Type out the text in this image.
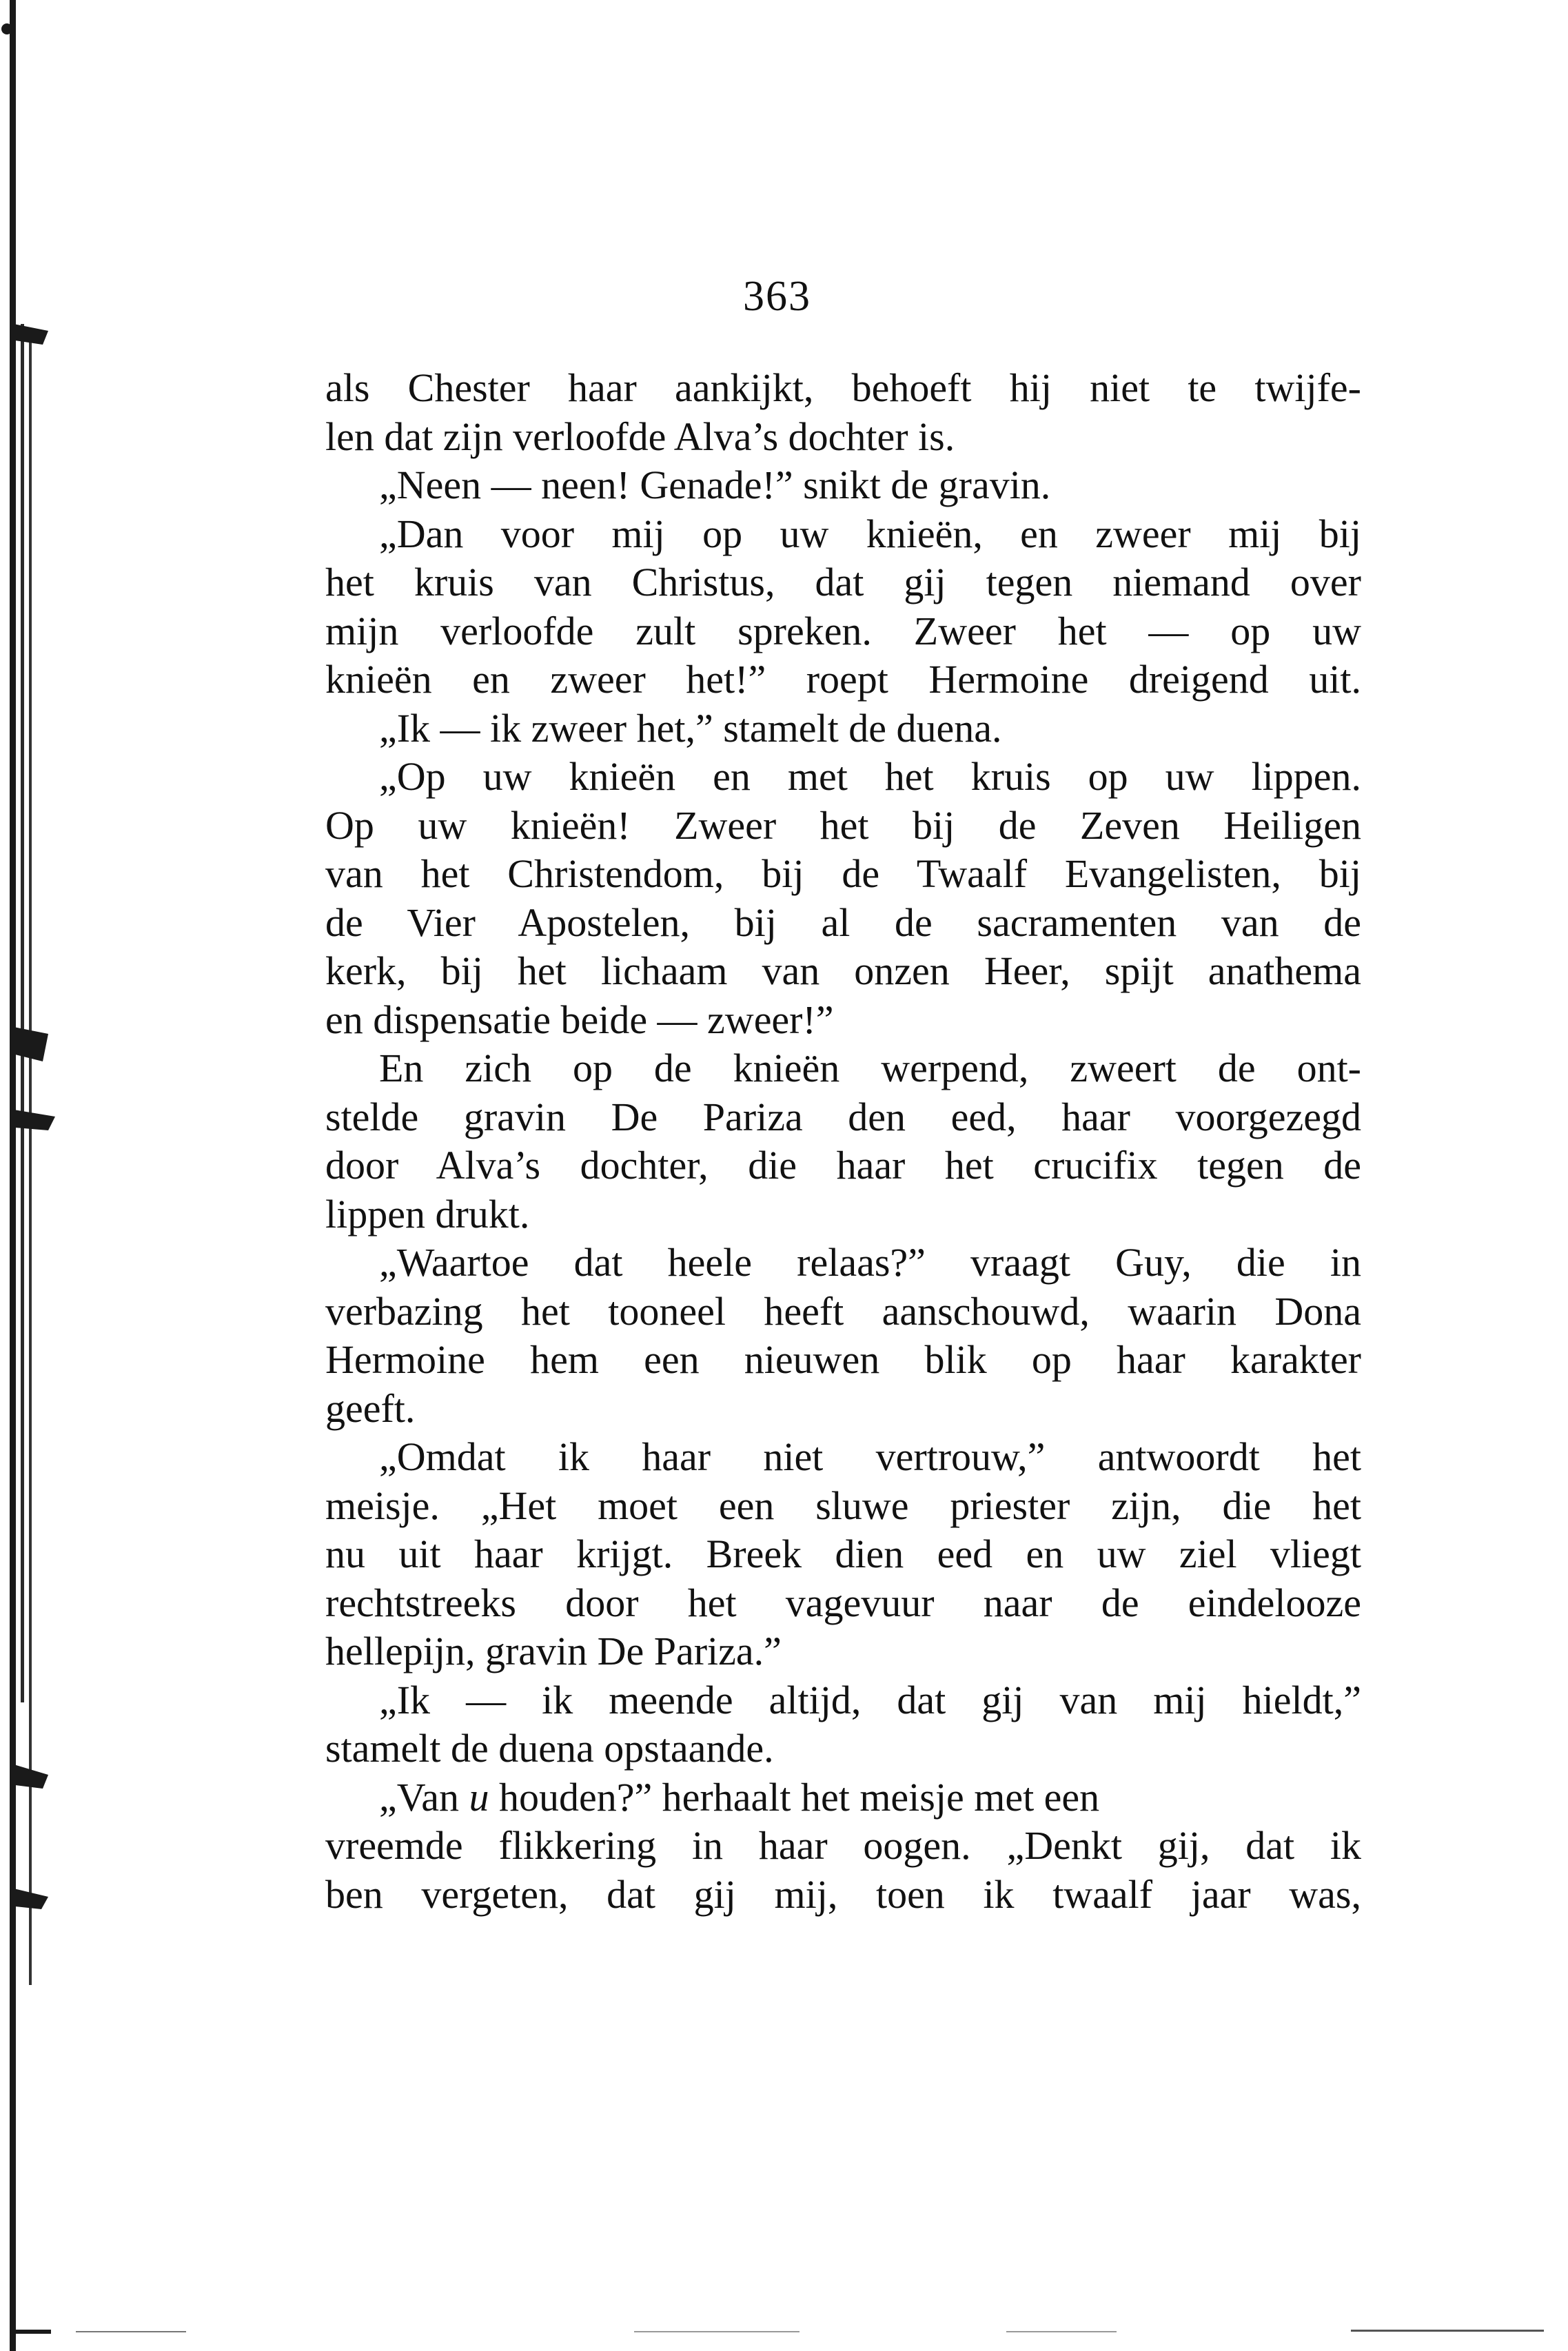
363
als Chester haar aankijkt, behoeft hij niet te twijfe-
len dat zijn verloofde Alva’s dochter is.
„Neen — neen! Genade!” snikt de gravin.
„Dan voor mij op uw knieën, en zweer mij bij
het kruis van Christus, dat gij tegen niemand over
mijn verloofde zult spreken. Zweer het — op uw
knieën en zweer het!” roept Hermoine dreigend uit.
„Ik — ik zweer het,” stamelt de duena.
„Op uw knieën en met het kruis op uw lippen.
Op uw knieën! Zweer het bij de Zeven Heiligen
van het Christendom, bij de Twaalf Evangelisten, bij
de Vier Apostelen, bij al de sacramenten van de
kerk, bij het lichaam van onzen Heer, spijt anathema
en dispensatie beide — zweer!”
En zich op de knieën werpend, zweert de ont-
stelde gravin De Pariza den eed, haar voorgezegd
door Alva’s dochter, die haar het crucifix tegen de
lippen drukt.
„Waartoe dat heele relaas?” vraagt Guy, die in
verbazing het tooneel heeft aanschouwd, waarin Dona
Hermoine hem een nieuwen blik op haar karakter
geeft.
„Omdat ik haar niet vertrouw,” antwoordt het
meisje. „Het moet een sluwe priester zijn, die het
nu uit haar krijgt. Breek dien eed en uw ziel vliegt
rechtstreeks door het vagevuur naar de eindelooze
hellepijn, gravin De Pariza.”
„Ik — ik meende altijd, dat gij van mij hieldt,”
stamelt de duena opstaande.
„Van u houden?” herhaalt het meisje met een
vreemde flikkering in haar oogen. „Denkt gij, dat ik
ben vergeten, dat gij mij, toen ik twaalf jaar was,
